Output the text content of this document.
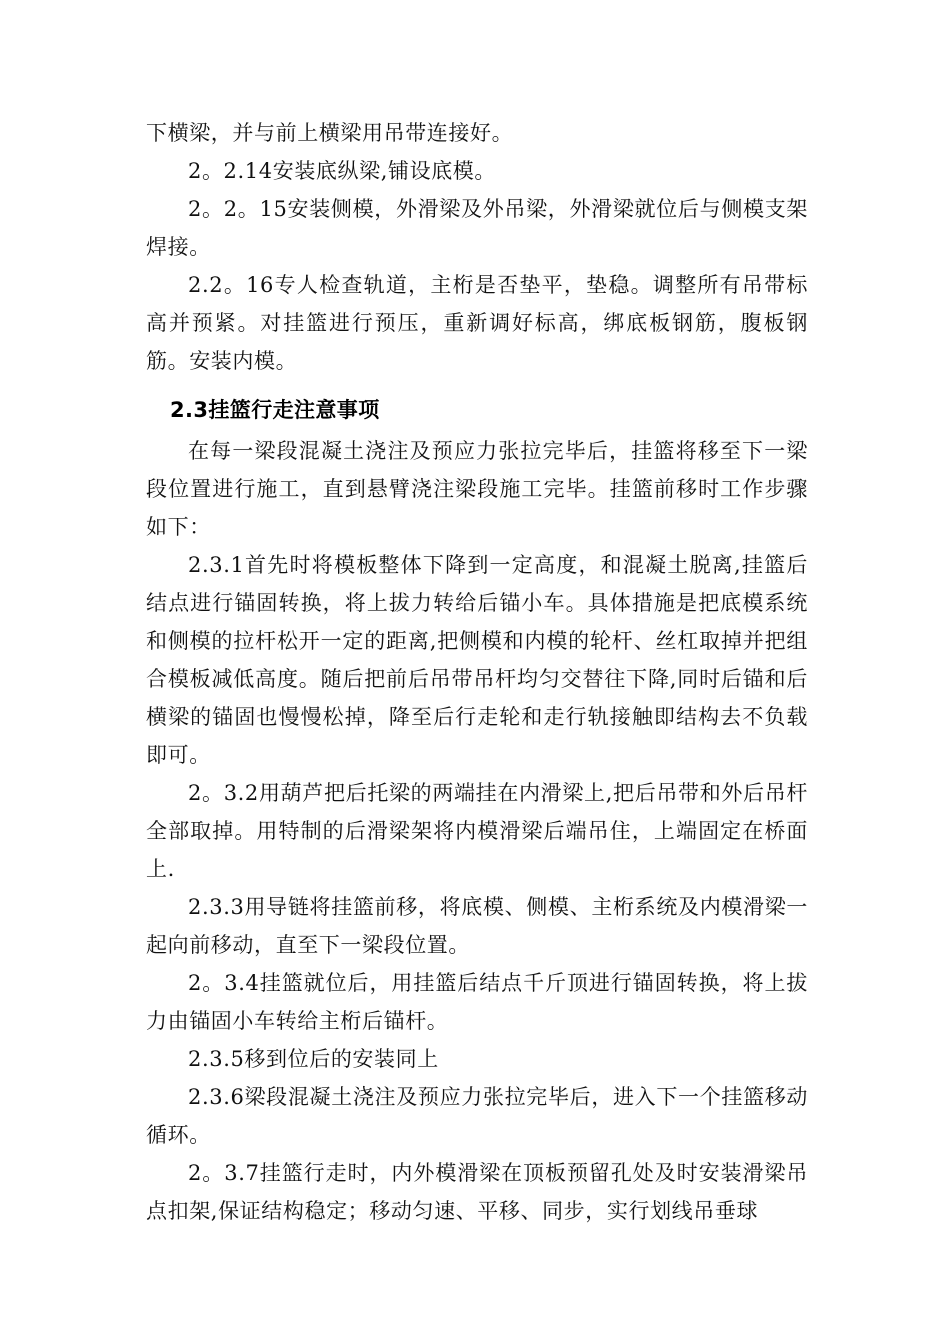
下横梁，并与前上横梁用吊带连接好。

2。2.14安装底纵梁,铺设底模。

2。2。15安装侧模，外滑梁及外吊梁，外滑梁就位后与侧模支架焊接。

2.2。16专人检查轨道，主桁是否垫平，垫稳。调整所有吊带标高并预紧。对挂篮进行预压，重新调好标高，绑底板钢筋，腹板钢筋。安装内模。

2.3挂篮行走注意事项

在每一梁段混凝土浇注及预应力张拉完毕后，挂篮将移至下一梁段位置进行施工，直到悬臂浇注梁段施工完毕。挂篮前移时工作步骤如下：

2.3.1首先时将模板整体下降到一定高度，和混凝土脱离,挂篮后结点进行锚固转换，将上拔力转给后锚小车。具体措施是把底模系统和侧模的拉杆松开一定的距离,把侧模和内模的轮杆、丝杠取掉并把组合模板减低高度。随后把前后吊带吊杆均匀交替往下降,同时后锚和后横梁的锚固也慢慢松掉，降至后行走轮和走行轨接触即结构去不负载即可。

2。3.2用葫芦把后托梁的两端挂在内滑梁上,把后吊带和外后吊杆全部取掉。用特制的后滑梁架将内模滑梁后端吊住，上端固定在桥面上.

2.3.3用导链将挂篮前移，将底模、侧模、主桁系统及内模滑梁一起向前移动，直至下一梁段位置。

2。3.4挂篮就位后，用挂篮后结点千斤顶进行锚固转换，将上拔力由锚固小车转给主桁后锚杆。

2.3.5移到位后的安装同上

2.3.6梁段混凝土浇注及预应力张拉完毕后，进入下一个挂篮移动循环。

2。3.7挂篮行走时，内外模滑梁在顶板预留孔处及时安装滑梁吊点扣架,保证结构稳定；移动匀速、平移、同步，实行划线吊垂球
